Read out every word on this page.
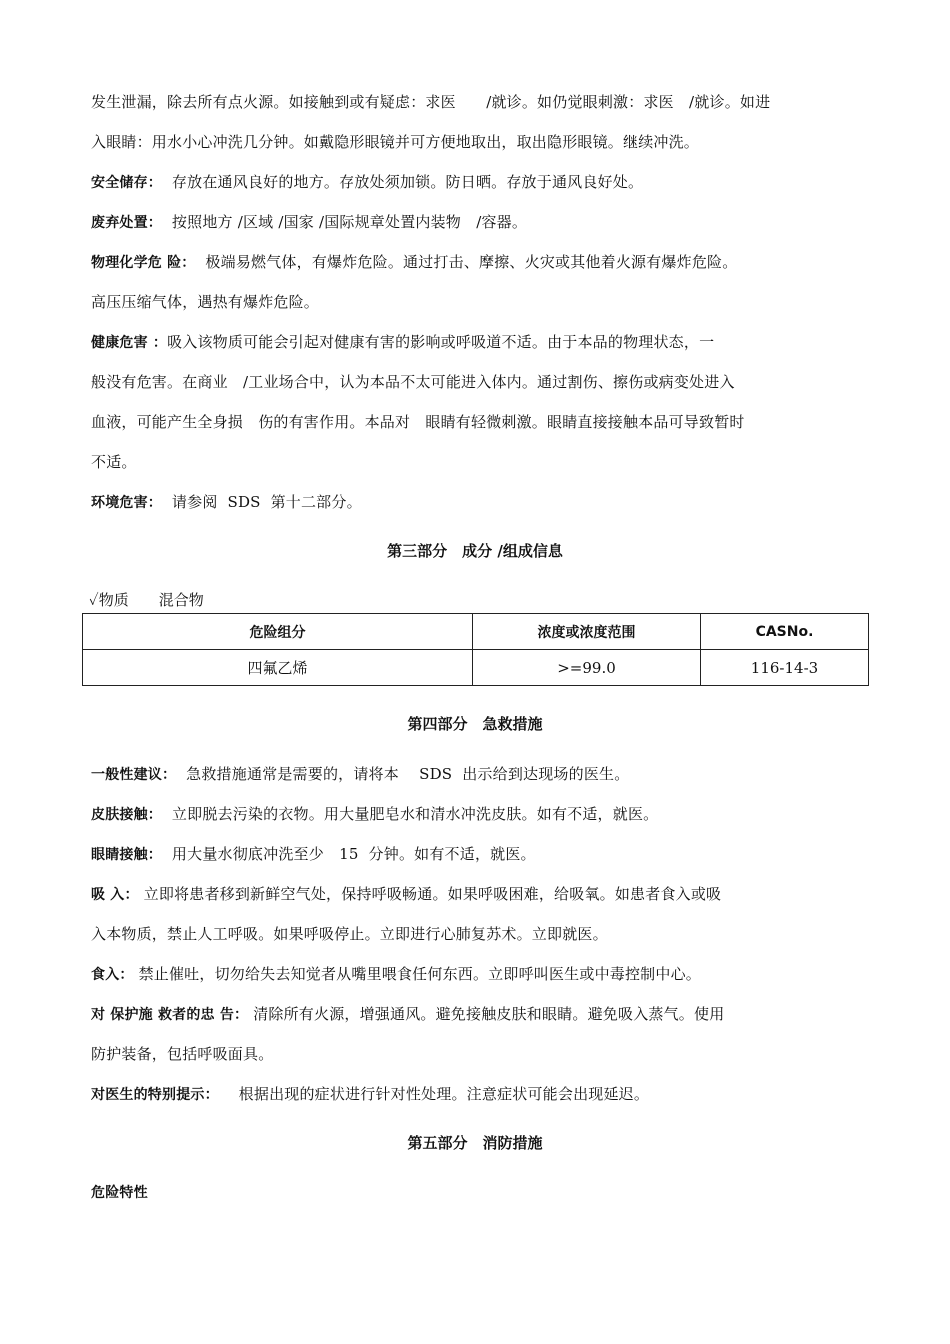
发生泄漏，除去所有点火源。如接触到或有疑虑：求医　　/就诊。如仍觉眼刺激：求医　/就诊。如进
入眼睛：用水小心冲洗几分钟。如戴隐形眼镜并可方便地取出，取出隐形眼镜。继续冲洗。
安全储存：  存放在通风良好的地方。存放处须加锁。防日晒。存放于通风良好处。
废弃处置：  按照地方 /区域 /国家 /国际规章处置内装物　/容器。
物理化学危 险：  极端易燃气体，有爆炸危险。通过打击、摩擦、火灾或其他着火源有爆炸危险。
高压压缩气体，遇热有爆炸危险。
健康危害 ：吸入该物质可能会引起对健康有害的影响或呼吸道不适。由于本品的物理状态，一
般没有危害。在商业　/工业场合中，认为本品不太可能进入体内。通过割伤、擦伤或病变处进入
血液，可能产生全身损　伤的有害作用。本品对　眼睛有轻微刺激。眼睛直接接触本品可导致暂时
不适。
环境危害：  请参阅  SDS  第十二部分。
第三部分　成分 /组成信息
✓物质　　 混合物
危险组分	浓度或浓度范围	CASNo.
四氟乙烯	>=99.0	116-14-3
第四部分　急救措施
一般性建议：  急救措施通常是需要的，请将本　 SDS  出示给到达现场的医生。
皮肤接触：  立即脱去污染的衣物。用大量肥皂水和清水冲洗皮肤。如有不适，就医。
眼睛接触：  用大量水彻底冲洗至少　15  分钟。如有不适，就医。
吸 入： 立即将患者移到新鲜空气处，保持呼吸畅通。如果呼吸困难，给吸氧。如患者食入或吸
入本物质，禁止人工呼吸。如果呼吸停止。立即进行心肺复苏术。立即就医。
食入： 禁止催吐，切勿给失去知觉者从嘴里喂食任何东西。立即呼叫医生或中毒控制中心。
对 保护施 救者的忠 告： 清除所有火源，增强通风。避免接触皮肤和眼睛。避免吸入蒸气。使用
防护装备，包括呼吸面具。
对医生的特别提示：    根据出现的症状进行针对性处理。注意症状可能会出现延迟。
第五部分　消防措施
危险特性
